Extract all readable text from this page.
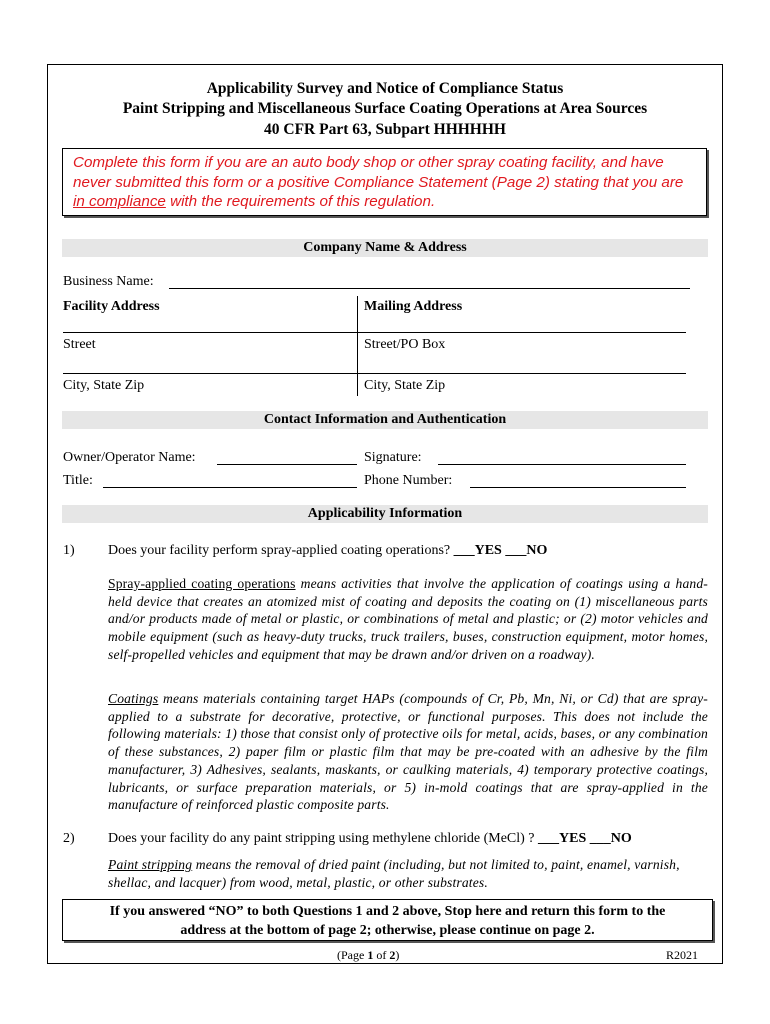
Applicability Survey and Notice of Compliance Status
Paint Stripping and Miscellaneous Surface Coating Operations at Area Sources
40 CFR Part 63, Subpart HHHHHH
Complete this form if you are an auto body shop or other spray coating facility, and have never submitted this form or a positive Compliance Statement (Page 2) stating that you are in compliance with the requirements of this regulation.
Company Name & Address
Business Name:
Facility Address	Mailing Address
Street	Street/PO Box
City, State Zip	City, State Zip
Contact Information and Authentication
Owner/Operator Name:	Signature:
Title:	Phone Number:
Applicability Information
1) Does your facility perform spray-applied coating operations? ___YES ___NO
Spray-applied coating operations means activities that involve the application of coatings using a hand-held device that creates an atomized mist of coating and deposits the coating on (1) miscellaneous parts and/or products made of metal or plastic, or combinations of metal and plastic; or (2) motor vehicles and mobile equipment (such as heavy-duty trucks, truck trailers, buses, construction equipment, motor homes, self-propelled vehicles and equipment that may be drawn and/or driven on a roadway).
Coatings means materials containing target HAPs (compounds of Cr, Pb, Mn, Ni, or Cd) that are spray-applied to a substrate for decorative, protective, or functional purposes. This does not include the following materials: 1) those that consist only of protective oils for metal, acids, bases, or any combination of these substances, 2) paper film or plastic film that may be pre-coated with an adhesive by the film manufacturer, 3) Adhesives, sealants, maskants, or caulking materials, 4) temporary protective coatings, lubricants, or surface preparation materials, or 5) in-mold coatings that are spray-applied in the manufacture of reinforced plastic composite parts.
2) Does your facility do any paint stripping using methylene chloride (MeCl) ? ___YES ___NO
Paint stripping means the removal of dried paint (including, but not limited to, paint, enamel, varnish, shellac, and lacquer) from wood, metal, plastic, or other substrates.
If you answered “NO” to both Questions 1 and 2 above, Stop here and return this form to the
address at the bottom of page 2; otherwise, please continue on page 2.
(Page 1 of 2)	R2021
